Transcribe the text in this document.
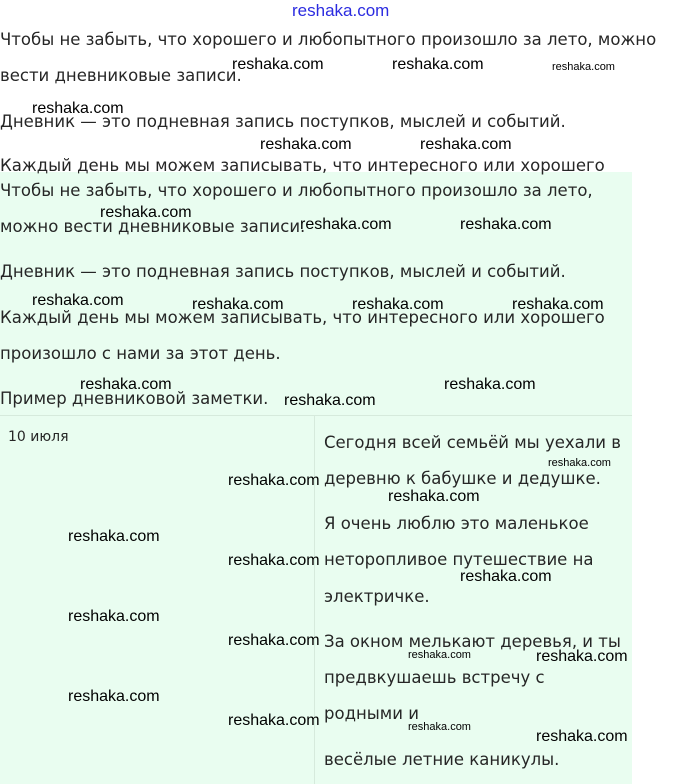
Чтобы не забыть, что хорошего и любопытного произошло за лето, можно
вести дневниковые записи.
Дневник — это подневная запись поступков, мыслей и событий.
Каждый день мы можем записывать, что интересного или хорошего
Чтобы не забыть, что хорошего и любопытного произошло за лето,
можно вести дневниковые записи.
Дневник — это подневная запись поступков, мыслей и событий.
Каждый день мы можем записывать, что интересного или хорошего
произошло с нами за этот день.
Пример дневниковой заметки.
10 июля	Сегодня всей семьёй мы уехали в
деревню к бабушке и дедушке.
Я очень люблю это маленькое
неторопливое путешествие на
электричке.
За окном мелькают деревья, и ты
предвкушаешь встречу с
родными и
весёлые летние каникулы.
reshaka.com
reshaka.com	reshaka.com	reshaka.com
reshaka.com
reshaka.com	reshaka.com
reshaka.com
reshaka.com	reshaka.com
reshaka.com	reshaka.com	reshaka.com	reshaka.com
reshaka.com	reshaka.com
reshaka.com
reshaka.com
reshaka.com
reshaka.com
reshaka.com
reshaka.com
reshaka.com
reshaka.com
reshaka.com
reshaka.com	reshaka.com
reshaka.com
reshaka.com	reshaka.com
reshaka.com
